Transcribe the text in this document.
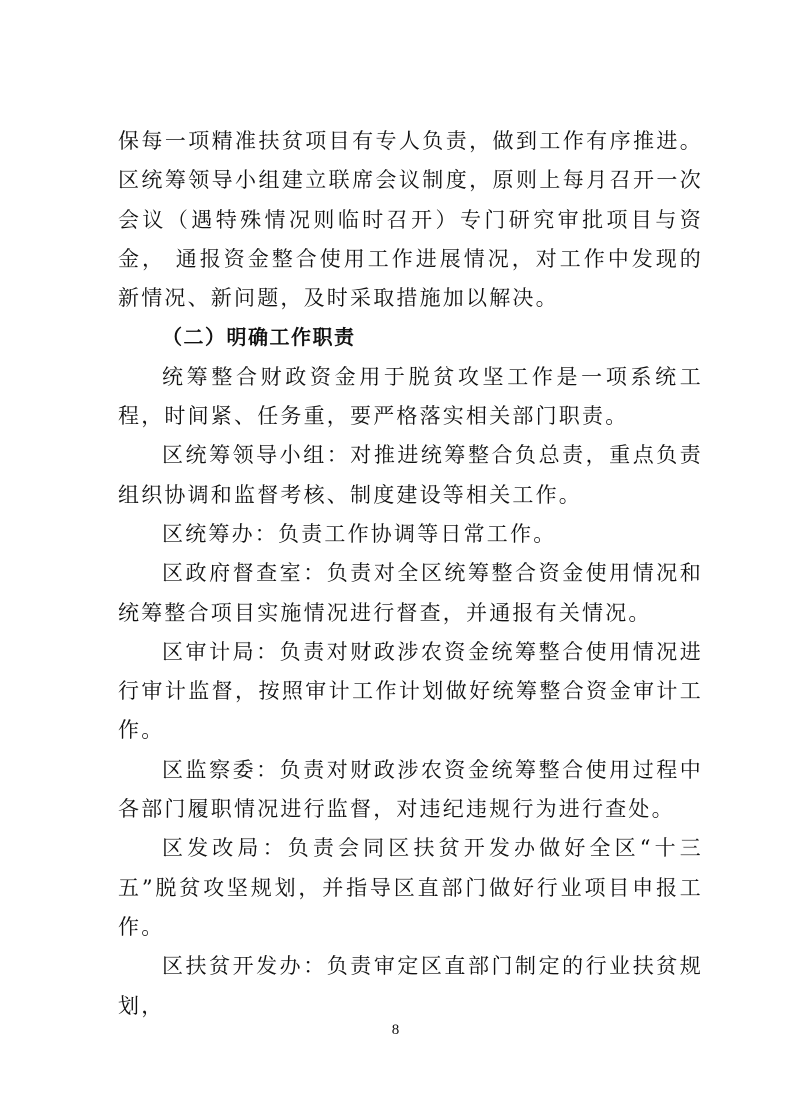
保每一项精准扶贫项目有专人负责，做到工作有序推进。区统筹领导小组建立联席会议制度，原则上每月召开一次会议（遇特殊情况则临时召开）专门研究审批项目与资金， 通报资金整合使用工作进展情况，对工作中发现的新情况、新问题，及时采取措施加以解决。

（二）明确工作职责

统筹整合财政资金用于脱贫攻坚工作是一项系统工程，时间紧、任务重，要严格落实相关部门职责。

区统筹领导小组：对推进统筹整合负总责，重点负责组织协调和监督考核、制度建设等相关工作。

区统筹办：负责工作协调等日常工作。

区政府督查室：负责对全区统筹整合资金使用情况和统筹整合项目实施情况进行督查，并通报有关情况。

区审计局：负责对财政涉农资金统筹整合使用情况进行审计监督，按照审计工作计划做好统筹整合资金审计工作。

区监察委：负责对财政涉农资金统筹整合使用过程中各部门履职情况进行监督，对违纪违规行为进行查处。

区发改局：负责会同区扶贫开发办做好全区“十三五”脱贫攻坚规划，并指导区直部门做好行业项目申报工作。

区扶贫开发办：负责审定区直部门制定的行业扶贫规划，

8
